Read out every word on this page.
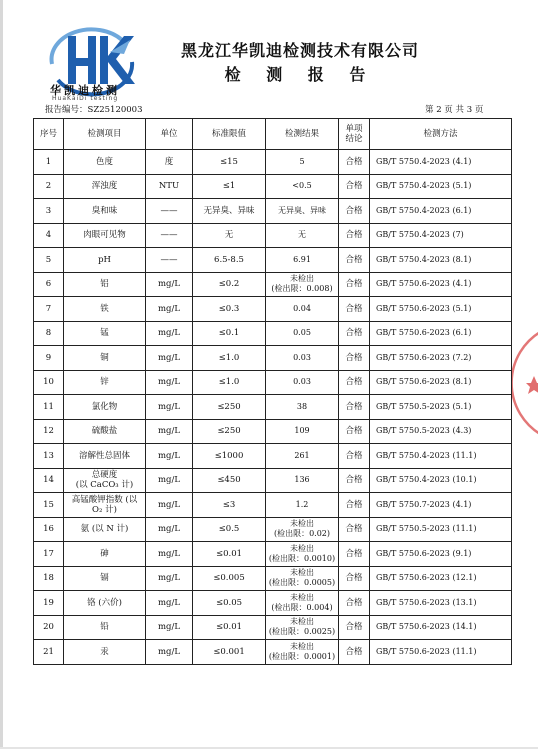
华凯迪检测
HuaKaiDi testing
黑龙江华凯迪检测技术有限公司
检 测 报 告
报告编号：SZ25120003	第 2 页 共 3 页
序号	检测项目	单位	标准限值	检测结果	单项结论	检测方法

1	色度	度	≤15	5	合格	GB/T 5750.4-2023 (4.1)

2	浑浊度	NTU	≤1	<0.5	合格	GB/T 5750.4-2023 (5.1)

3	臭和味	——	无异臭、异味	无异臭、异味	合格	GB/T 5750.4-2023 (6.1)

4	肉眼可见物	——	无	无	合格	GB/T 5750.4-2023 (7)

5	pH	——	6.5-8.5	6.91	合格	GB/T 5750.4-2023 (8.1)

6	铝	mg/L	≤0.2	未检出
(检出限：0.008)	合格	GB/T 5750.6-2023 (4.1)

7	铁	mg/L	≤0.3	0.04	合格	GB/T 5750.6-2023 (5.1)

8	锰	mg/L	≤0.1	0.05	合格	GB/T 5750.6-2023 (6.1)

9	铜	mg/L	≤1.0	0.03	合格	GB/T 5750.6-2023 (7.2)

10	锌	mg/L	≤1.0	0.03	合格	GB/T 5750.6-2023 (8.1)

11	氯化物	mg/L	≤250	38	合格	GB/T 5750.5-2023 (5.1)

12	硫酸盐	mg/L	≤250	109	合格	GB/T 5750.5-2023 (4.3)

13	溶解性总固体	mg/L	≤1000	261	合格	GB/T 5750.4-2023 (11.1)

14	总硬度
(以 CaCO₃ 计)	mg/L	≤450	136	合格	GB/T 5750.4-2023 (10.1)

15	高锰酸钾指数 (以
O₂ 计)	mg/L	≤3	1.2	合格	GB/T 5750.7-2023 (4.1)

16	氨 (以 N 计)	mg/L	≤0.5	未检出
(检出限：0.02)	合格	GB/T 5750.5-2023 (11.1)

17	砷	mg/L	≤0.01	未检出
(检出限：0.0010)	合格	GB/T 5750.6-2023 (9.1)

18	镉	mg/L	≤0.005	未检出
(检出限：0.0005)	合格	GB/T 5750.6-2023 (12.1)

19	铬 (六价)	mg/L	≤0.05	未检出
(检出限：0.004)	合格	GB/T 5750.6-2023 (13.1)

20	铅	mg/L	≤0.01	未检出
(检出限：0.0025)	合格	GB/T 5750.6-2023 (14.1)

21	汞	mg/L	≤0.001	未检出
(检出限：0.0001)	合格	GB/T 5750.6-2023 (11.1)
